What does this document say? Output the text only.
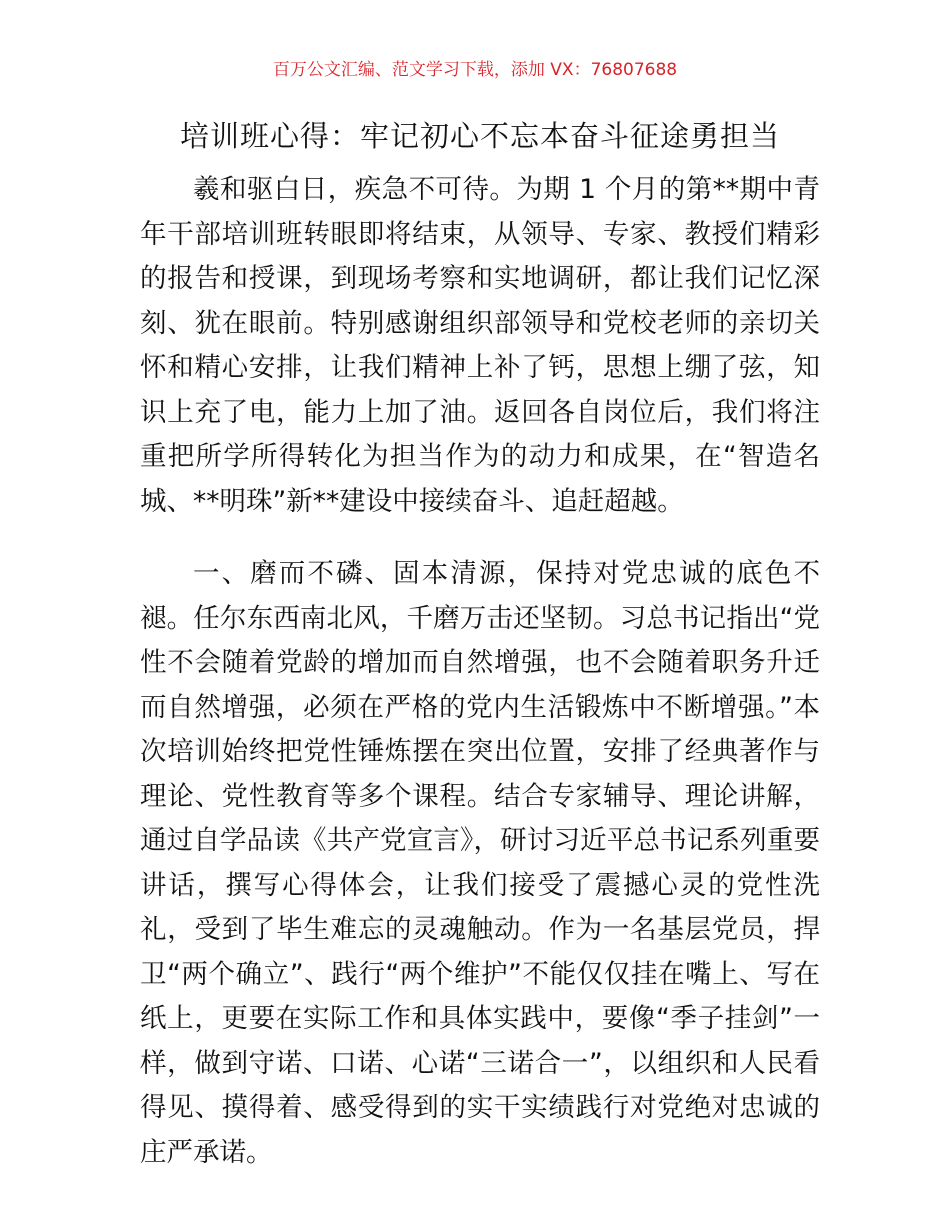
百万公文汇编、范文学习下载，添加 VX：76807688
培训班心得：牢记初心不忘本奋斗征途勇担当

羲和驱白日，疾急不可待。为期 1 个月的第**期中青年干部培训班转眼即将结束，从领导、专家、教授们精彩的报告和授课，到现场考察和实地调研，都让我们记忆深刻、犹在眼前。特别感谢组织部领导和党校老师的亲切关怀和精心安排，让我们精神上补了钙，思想上绷了弦，知识上充了电，能力上加了油。返回各自岗位后，我们将注重把所学所得转化为担当作为的动力和成果，在“智造名城、**明珠”新**建设中接续奋斗、追赶超越。

一、磨而不磷、固本清源，保持对党忠诚的底色不褪。任尔东西南北风，千磨万击还坚韧。习总书记指出“党性不会随着党龄的增加而自然增强，也不会随着职务升迁而自然增强，必须在严格的党内生活锻炼中不断增强。”本次培训始终把党性锤炼摆在突出位置，安排了经典著作与理论、党性教育等多个课程。结合专家辅导、理论讲解，通过自学品读《共产党宣言》，研讨习近平总书记系列重要讲话，撰写心得体会，让我们接受了震撼心灵的党性洗礼，受到了毕生难忘的灵魂触动。作为一名基层党员，捍卫“两个确立”、践行“两个维护”不能仅仅挂在嘴上、写在纸上，更要在实际工作和具体实践中，要像“季子挂剑”一样，做到守诺、口诺、心诺“三诺合一”，以组织和人民看得见、摸得着、感受得到的实干实绩践行对党绝对忠诚的庄严承诺。
